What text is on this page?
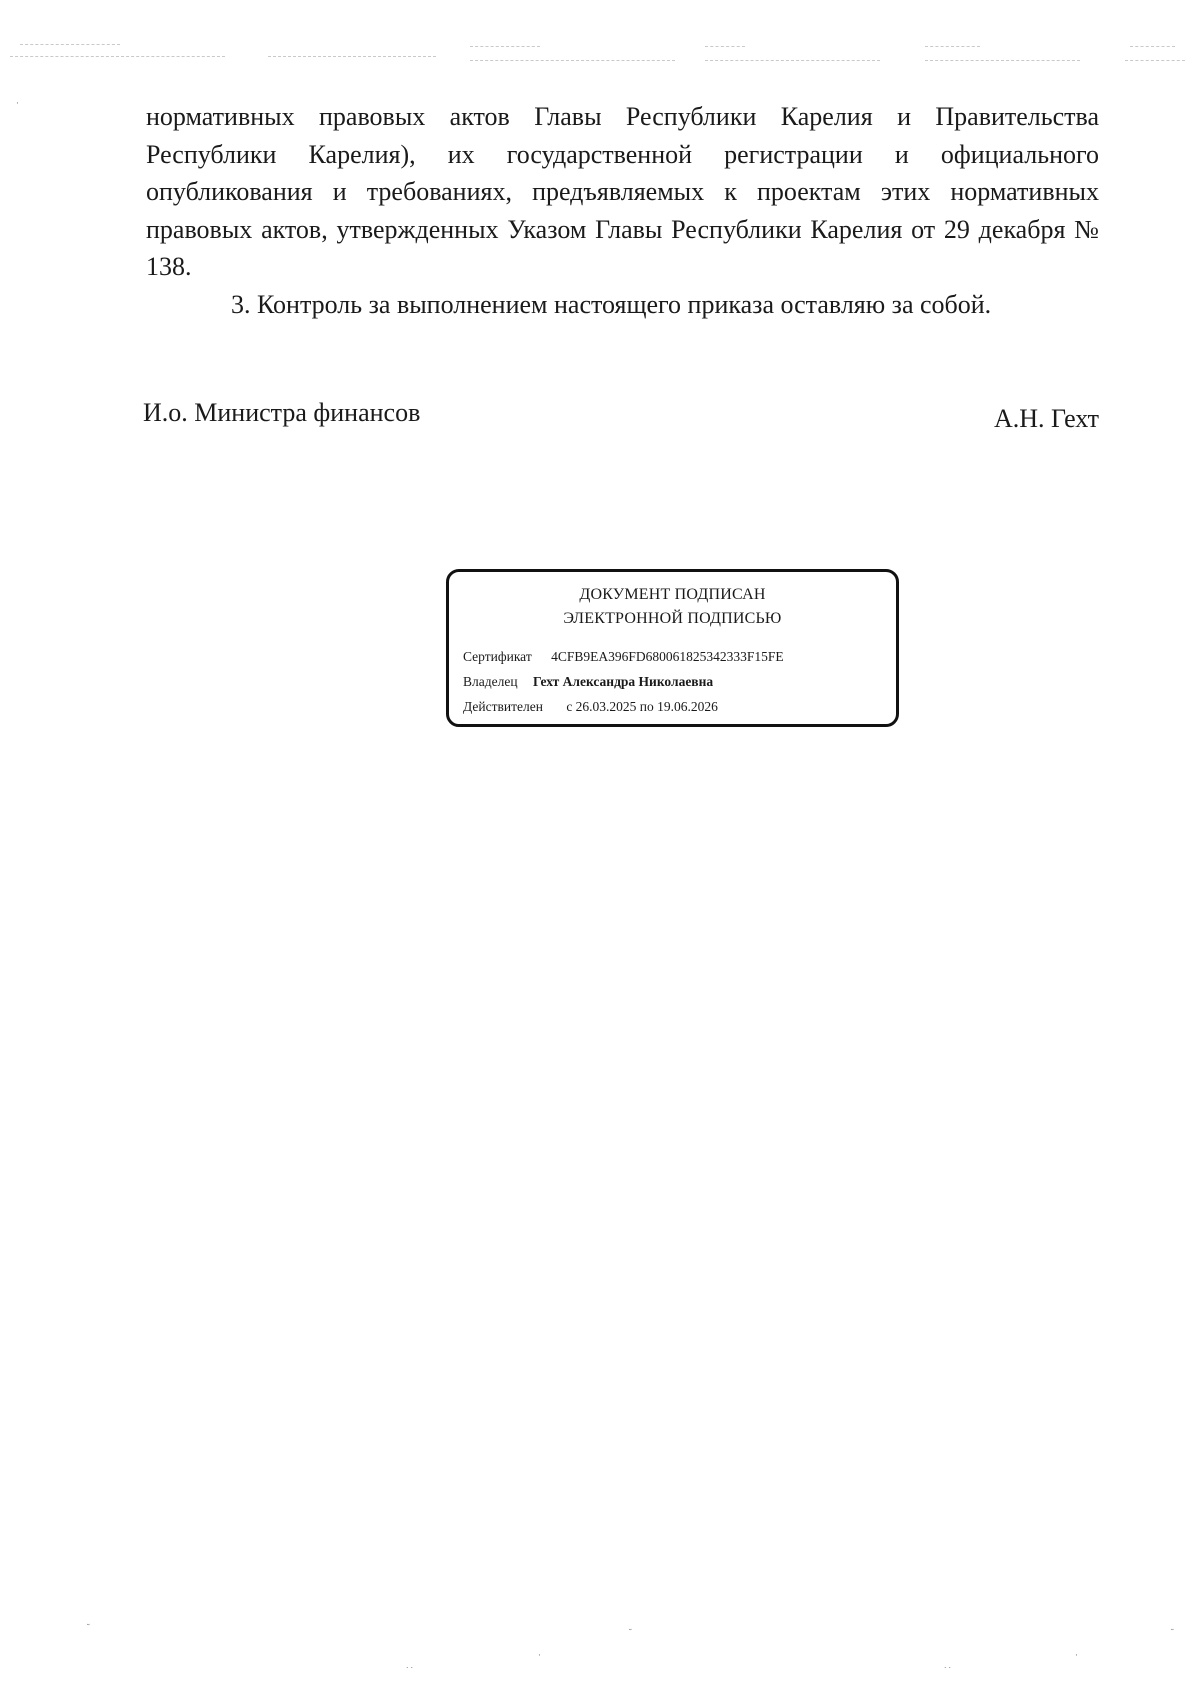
·
˘	˘	˘
˙˙	˙˙
·	·

нормативных правовых актов Главы Республики Карелия и Правительства Республики Карелия), их государственной регистрации и официального опубликования и требованиях, предъявляемых к проектам этих нормативных правовых актов, утвержденных Указом Главы Республики Карелия от 29 декабря № 138.

3. Контроль за выполнением настоящего приказа оставляю за собой.

И.о. Министра финансов	А.Н. Гехт
ДОКУМЕНТ ПОДПИСАН
ЭЛЕКТРОННОЙ ПОДПИСЬЮ
Сертификат 4CFB9EA396FD680061825342333F15FE
Владелец Гехт Александра Николаевна
Действителен с 26.03.2025 по 19.06.2026
